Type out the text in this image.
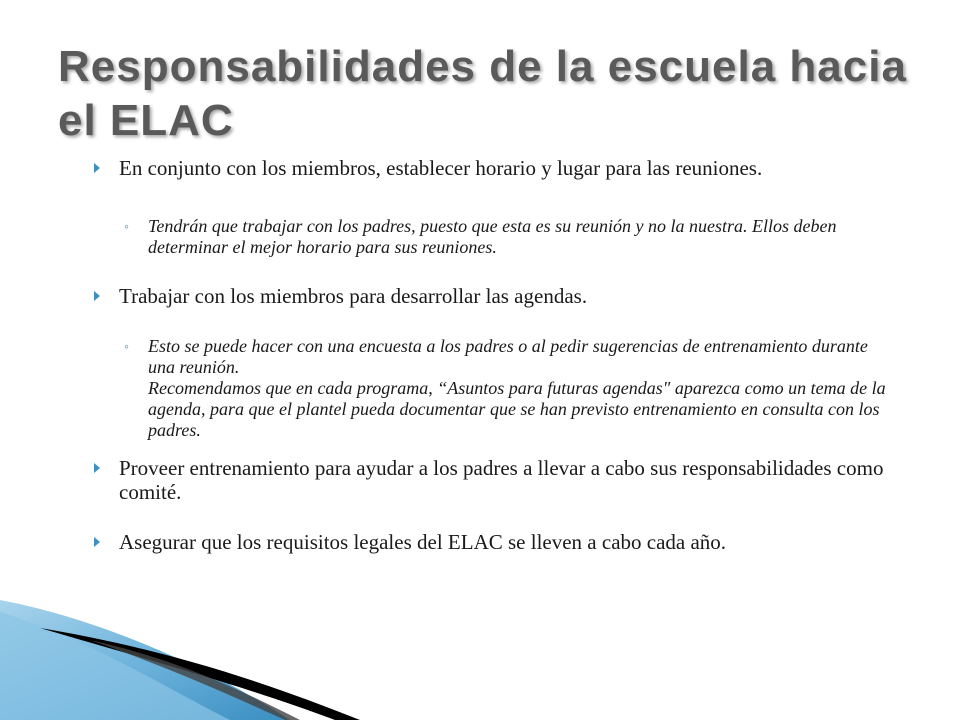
Responsabilidades de la escuela hacia el ELAC
En conjunto con los miembros, establecer horario y lugar para las reuniones.
◦ Tendrán que trabajar con los padres, puesto que esta es su reunión y no la nuestra. Ellos deben determinar el mejor horario para sus reuniones.
Trabajar con los miembros para desarrollar las agendas.
◦ Esto se puede hacer con una encuesta a los padres o al pedir sugerencias de entrenamiento durante una reunión.
Recomendamos que en cada programa, “Asuntos para futuras agendas" aparezca como un tema de la agenda, para que el plantel pueda documentar que se han previsto entrenamiento en consulta con los padres.
Proveer entrenamiento para ayudar a los padres a llevar a cabo sus responsabilidades como comité.
Asegurar que los requisitos legales del ELAC se lleven a cabo cada año.
